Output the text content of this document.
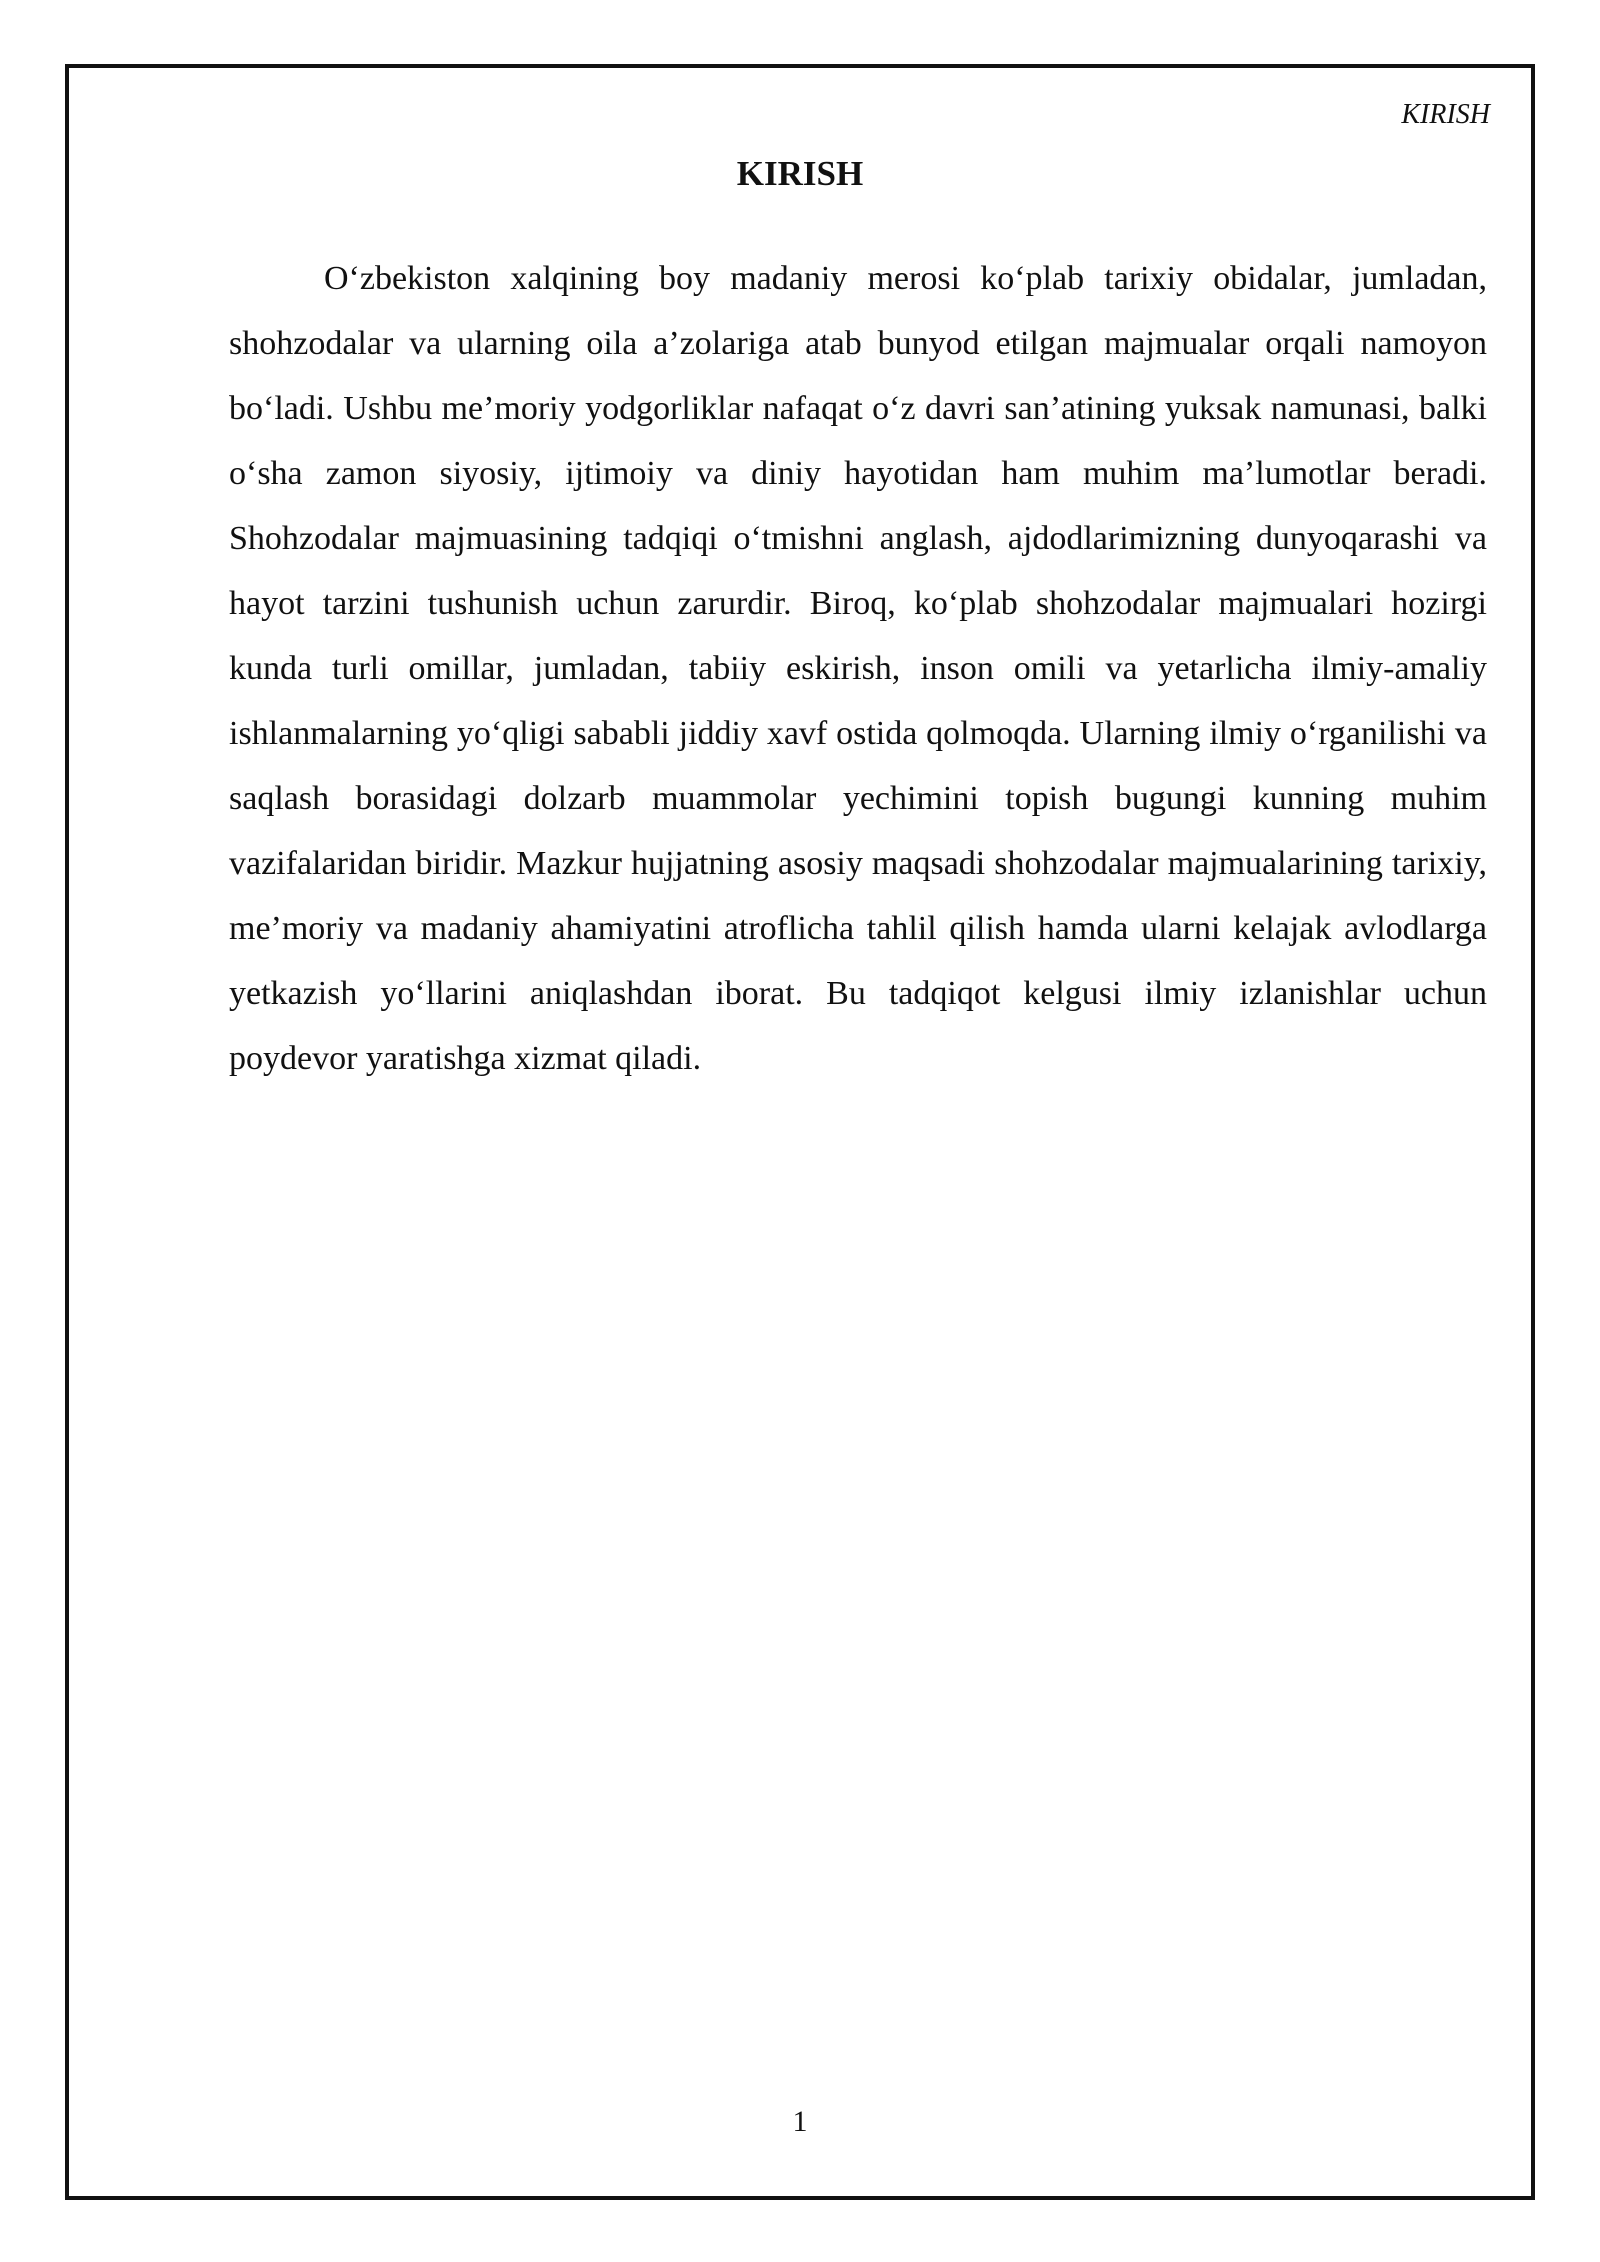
KIRISH
KIRISH

O‘zbekiston xalqining boy madaniy merosi ko‘plab tarixiy obidalar, jumladan, shohzodalar va ularning oila a’zolariga atab bunyod etilgan majmualar orqali namoyon bo‘ladi. Ushbu me’moriy yodgorliklar nafaqat o‘z davri san’atining yuksak namunasi, balki o‘sha zamon siyosiy, ijtimoiy va diniy hayotidan ham muhim ma’lumotlar beradi. Shohzodalar majmuasining tadqiqi o‘tmishni anglash, ajdodlarimizning dunyoqarashi va hayot tarzini tushunish uchun zarurdir. Biroq, ko‘plab shohzodalar majmualari hozirgi kunda turli omillar, jumladan, tabiiy eskirish, inson omili va yetarlicha ilmiy-amaliy ishlanmalarning yo‘qligi sababli jiddiy xavf ostida qolmoqda. Ularning ilmiy o‘rganilishi va saqlash borasidagi dolzarb muammolar yechimini topish bugungi kunning muhim vazifalaridan biridir. Mazkur hujjatning asosiy maqsadi shohzodalar majmualarining tarixiy, me’moriy va madaniy ahamiyatini atroflicha tahlil qilish hamda ularni kelajak avlodlarga yetkazish yo‘llarini aniqlashdan iborat. Bu tadqiqot kelgusi ilmiy izlanishlar uchun poydevor yaratishga xizmat qiladi.

1
